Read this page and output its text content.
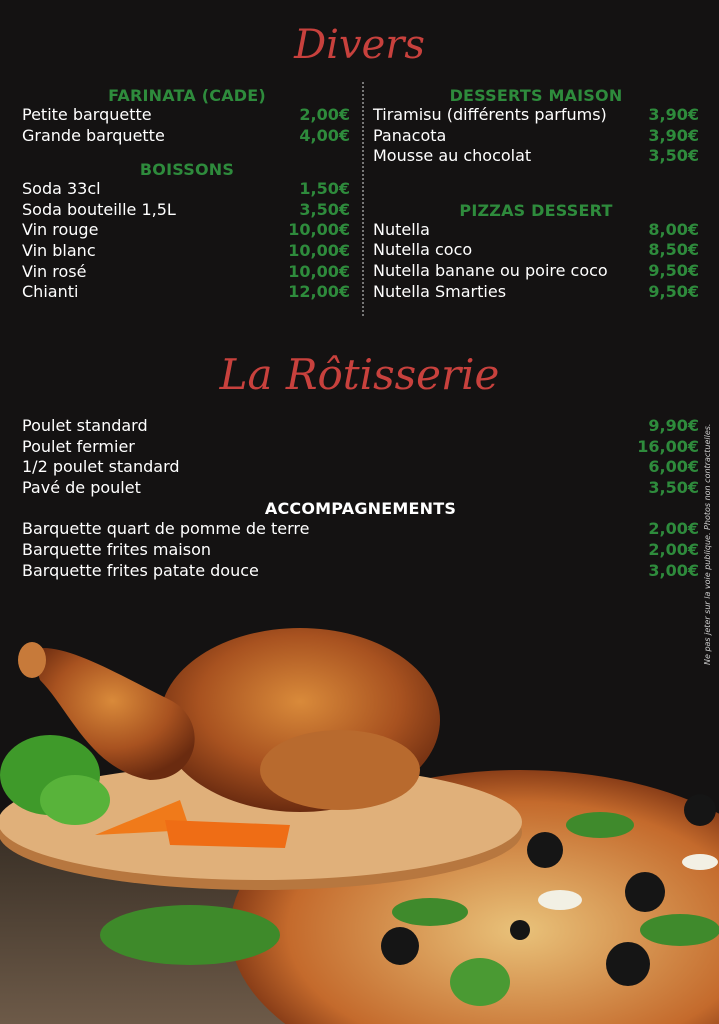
Divers
FARINATA (CADE)
Petite barquette	2,00€
Grande barquette	4,00€
BOISSONS
Soda 33cl	1,50€
Soda bouteille 1,5L	3,50€
Vin rouge	10,00€
Vin blanc	10,00€
Vin rosé	10,00€
Chianti	12,00€
DESSERTS MAISON
Tiramisu (différents parfums)	3,90€
Panacota	3,90€
Mousse au chocolat	3,50€
PIZZAS DESSERT
Nutella	8,00€
Nutella coco	8,50€
Nutella banane ou poire coco	9,50€
Nutella Smarties	9,50€
La Rôtisserie
Poulet standard	9,90€
Poulet fermier	16,00€
1/2 poulet standard	6,00€
Pavé de poulet	3,50€
ACCOMPAGNEMENTS
Barquette quart de pomme de terre	2,00€
Barquette frites maison	2,00€
Barquette frites patate douce	3,00€ Ne pas jeter sur la voie publique. Photos non contractuelles.
